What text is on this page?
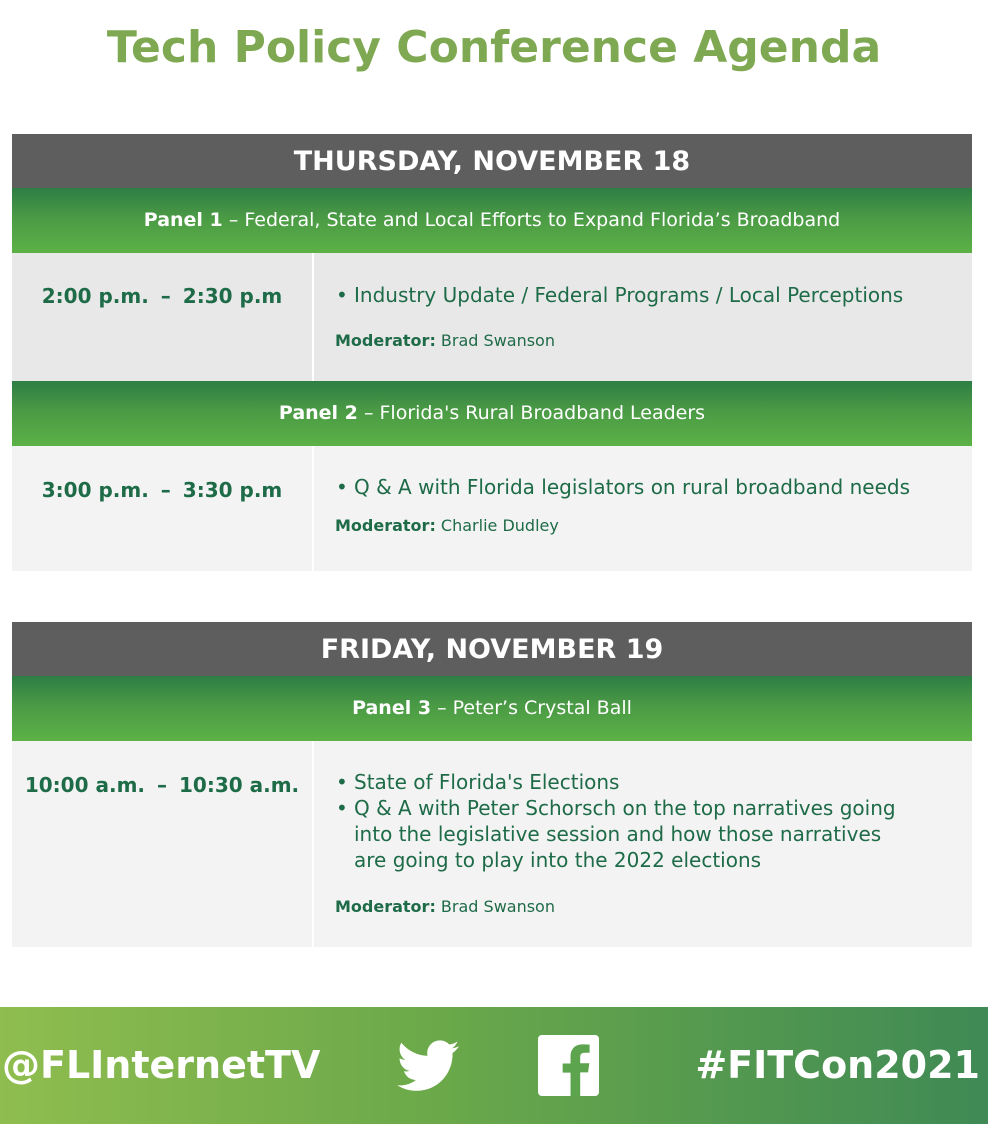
Tech Policy Conference Agenda
THURSDAY, NOVEMBER 18
Panel 1 – Federal, State and Local Efforts to Expand Florida’s Broadband
2:00 p.m. – 2:30 p.m	• Industry Update / Federal Programs / Local Perceptions
Moderator: Brad Swanson
Panel 2 – Florida's Rural Broadband Leaders
3:00 p.m. – 3:30 p.m	• Q & A with Florida legislators on rural broadband needs
Moderator: Charlie Dudley
FRIDAY, NOVEMBER 19
Panel 3 – Peter’s Crystal Ball
10:00 a.m. – 10:30 a.m.	• State of Florida's Elections
• Q & A with Peter Schorsch on the top narratives going into the legislative session and how those narratives are going to play into the 2022 elections
Moderator: Brad Swanson
@FLInternetTV	#FITCon2021
